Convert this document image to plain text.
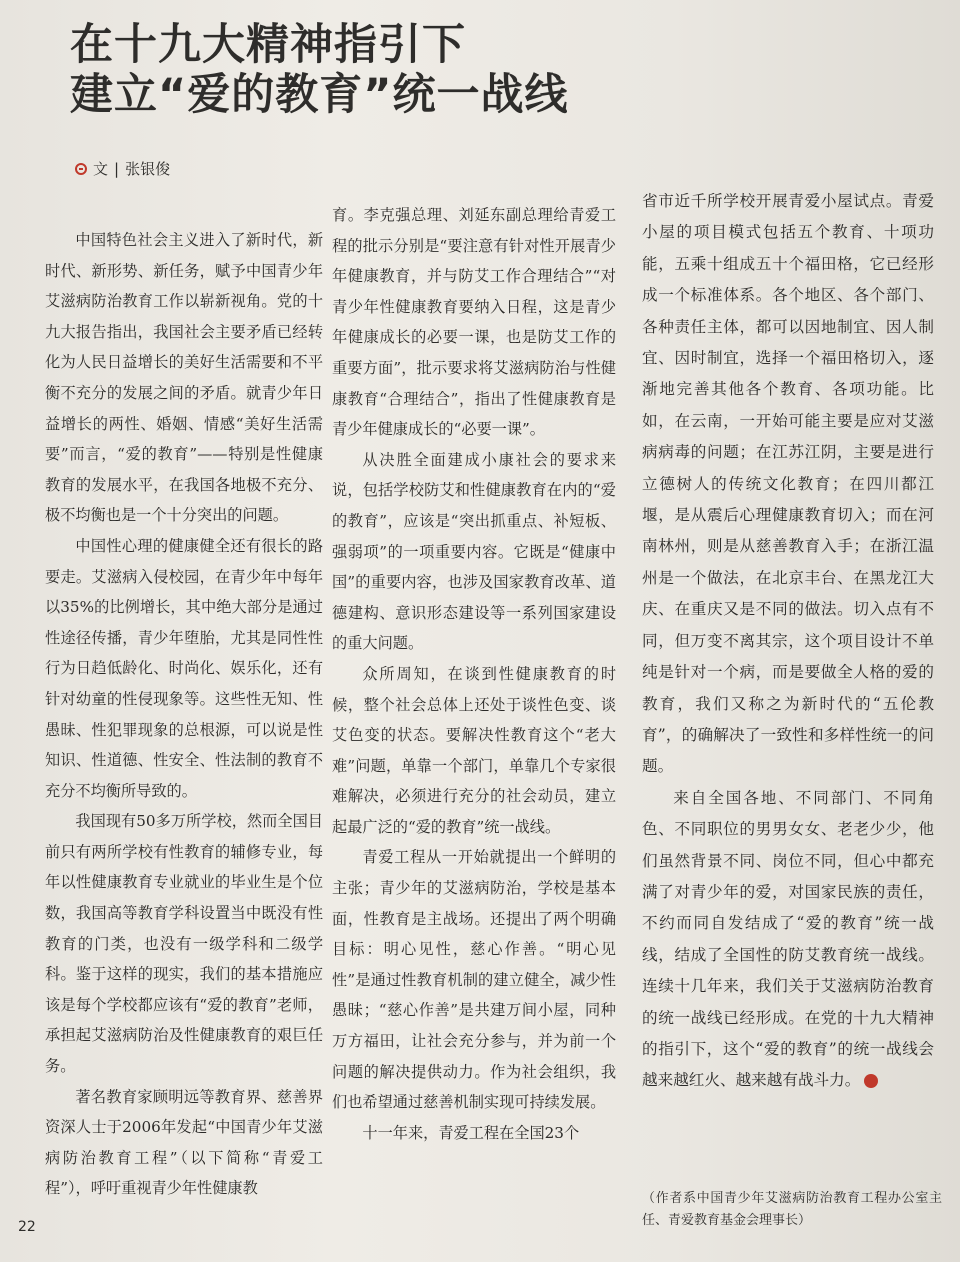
在十九大精神指引下
建立“爱的教育”统一战线
文 | 张银俊

中国特色社会主义进入了新时代，新时代、新形势、新任务，赋予中国青少年艾滋病防治教育工作以崭新视角。党的十九大报告指出，我国社会主要矛盾已经转化为人民日益增长的美好生活需要和不平衡不充分的发展之间的矛盾。就青少年日益增长的两性、婚姻、情感“美好生活需要”而言，“爱的教育”——特别是性健康教育的发展水平，在我国各地极不充分、极不均衡也是一个十分突出的问题。

中国性心理的健康健全还有很长的路要走。艾滋病入侵校园，在青少年中每年以35%的比例增长，其中绝大部分是通过性途径传播，青少年堕胎，尤其是同性性行为日趋低龄化、时尚化、娱乐化，还有针对幼童的性侵现象等。这些性无知、性愚昧、性犯罪现象的总根源，可以说是性知识、性道德、性安全、性法制的教育不充分不均衡所导致的。

我国现有50多万所学校，然而全国目前只有两所学校有性教育的辅修专业，每年以性健康教育专业就业的毕业生是个位数，我国高等教育学科设置当中既没有性教育的门类，也没有一级学科和二级学科。鉴于这样的现实，我们的基本措施应该是每个学校都应该有“爱的教育”老师，承担起艾滋病防治及性健康教育的艰巨任务。

著名教育家顾明远等教育界、慈善界资深人士于2006年发起“中国青少年艾滋病防治教育工程”（以下简称“青爱工程”），呼吁重视青少年性健康教

育。李克强总理、刘延东副总理给青爱工程的批示分别是“要注意有针对性开展青少年健康教育，并与防艾工作合理结合”“对青少年性健康教育要纳入日程，这是青少年健康成长的必要一课，也是防艾工作的重要方面”，批示要求将艾滋病防治与性健康教育“合理结合”，指出了性健康教育是青少年健康成长的“必要一课”。

从决胜全面建成小康社会的要求来说，包括学校防艾和性健康教育在内的“爱的教育”，应该是“突出抓重点、补短板、强弱项”的一项重要内容。它既是“健康中国”的重要内容，也涉及国家教育改革、道德建构、意识形态建设等一系列国家建设的重大问题。

众所周知，在谈到性健康教育的时候，整个社会总体上还处于谈性色变、谈艾色变的状态。要解决性教育这个“老大难”问题，单靠一个部门，单靠几个专家很难解决，必须进行充分的社会动员，建立起最广泛的“爱的教育”统一战线。

青爱工程从一开始就提出一个鲜明的主张；青少年的艾滋病防治，学校是基本面，性教育是主战场。还提出了两个明确目标：明心见性，慈心作善。“明心见性”是通过性教育机制的建立健全，减少性愚昧；“慈心作善”是共建万间小屋，同种万方福田，让社会充分参与，并为前一个问题的解决提供动力。作为社会组织，我们也希望通过慈善机制实现可持续发展。

十一年来，青爱工程在全国23个

省市近千所学校开展青爱小屋试点。青爱小屋的项目模式包括五个教育、十项功能，五乘十组成五十个福田格，它已经形成一个标准体系。各个地区、各个部门、各种责任主体，都可以因地制宜、因人制宜、因时制宜，选择一个福田格切入，逐渐地完善其他各个教育、各项功能。比如，在云南，一开始可能主要是应对艾滋病病毒的问题；在江苏江阴，主要是进行立德树人的传统文化教育；在四川都江堰，是从震后心理健康教育切入；而在河南林州，则是从慈善教育入手；在浙江温州是一个做法，在北京丰台、在黑龙江大庆、在重庆又是不同的做法。切入点有不同，但万变不离其宗，这个项目设计不单纯是针对一个病，而是要做全人格的爱的教育，我们又称之为新时代的“五伦教育”，的确解决了一致性和多样性统一的问题。

来自全国各地、不同部门、不同角色、不同职位的男男女女、老老少少，他们虽然背景不同、岗位不同，但心中都充满了对青少年的爱，对国家民族的责任，不约而同自发结成了“爱的教育”统一战线，结成了全国性的防艾教育统一战线。连续十几年来，我们关于艾滋病防治教育的统一战线已经形成。在党的十九大精神的指引下，这个“爱的教育”的统一战线会越来越红火、越来越有战斗力。

（作者系中国青少年艾滋病防治教育工程办公室主任、青爱教育基金会理事长）
22
